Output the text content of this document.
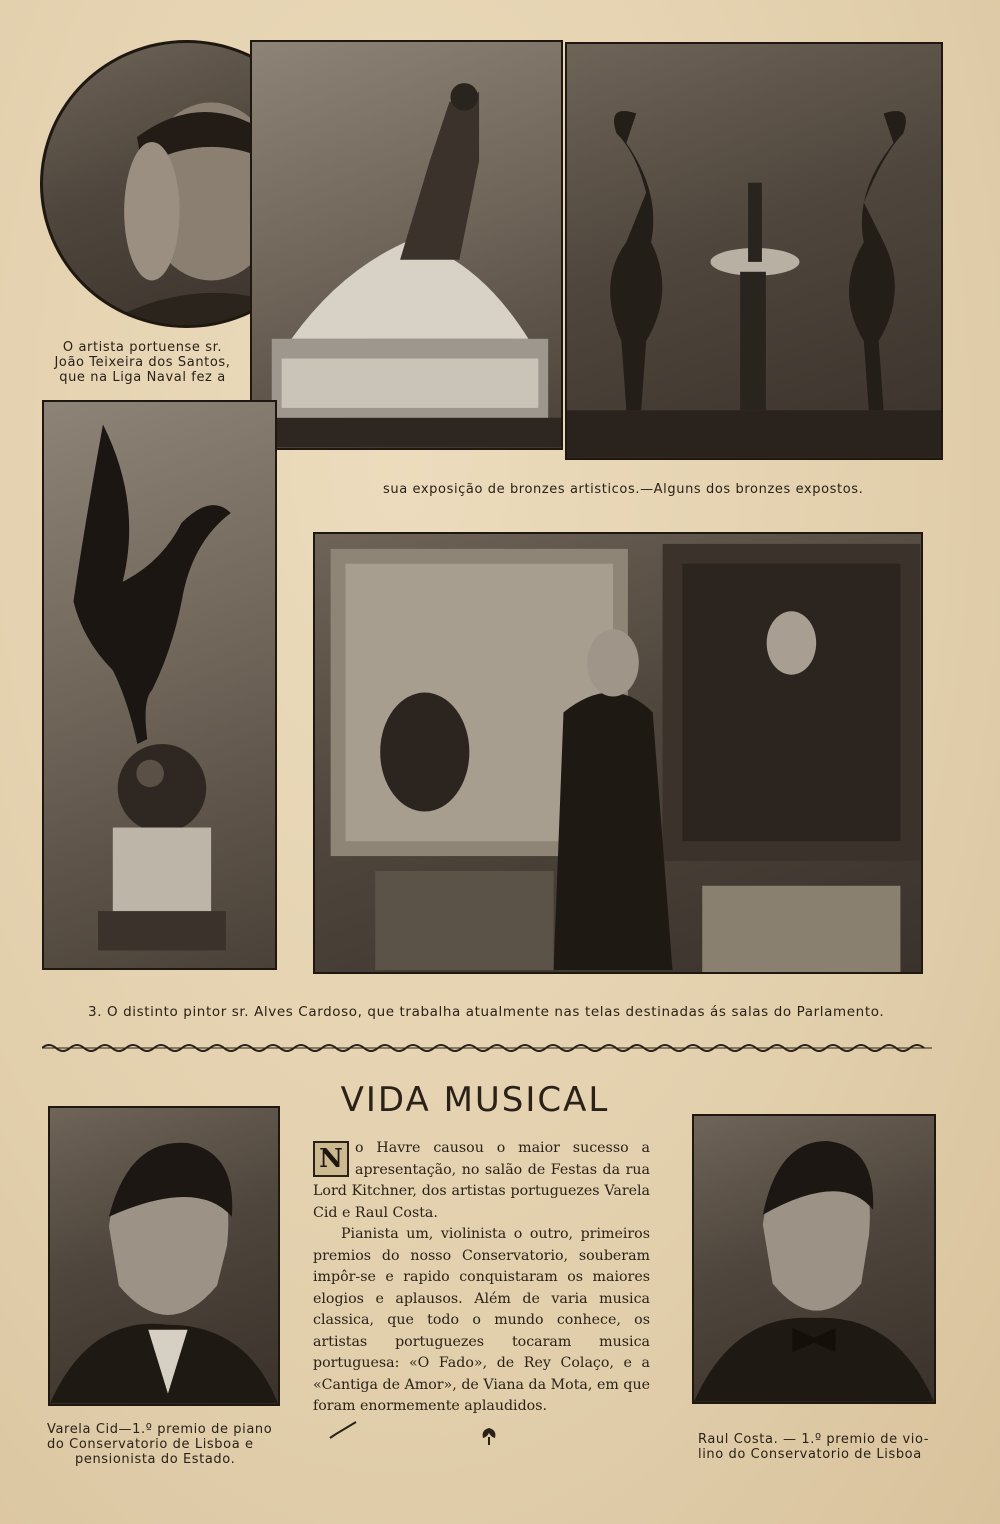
O artista portuense sr.
João Teixeira dos Santos,
que na Liga Naval fez a
sua exposição de bronzes artisticos.—Alguns dos bronzes expostos.
3. O distinto pintor sr. Alves Cardoso, que trabalha atualmente nas telas destinadas ás salas do Parlamento.
Varela Cid—1.º premio de piano
do Conservatorio de Lisboa e
pensionista do Estado.
VIDA MUSICAL

N o Havre causou o maior sucesso a apresentação, no salão de Festas da rua Lord Kitchner, dos artistas portuguezes Varela Cid e Raul Costa.

Pianista um, violinista o outro, primeiros premios do nosso Conservatorio, souberam impôr-se e rapido conquistaram os maiores elogios e aplausos. Além de varia musica classica, que todo o mundo conhece, os artistas portuguezes tocaram musica portuguesa: «O Fado», de Rey Colaço, e a «Cantiga de Amor», de Viana da Mota, em que foram enormemente aplaudidos.

Raul Costa. — 1.º premio de vio-
lino do Conservatorio de Lisboa
